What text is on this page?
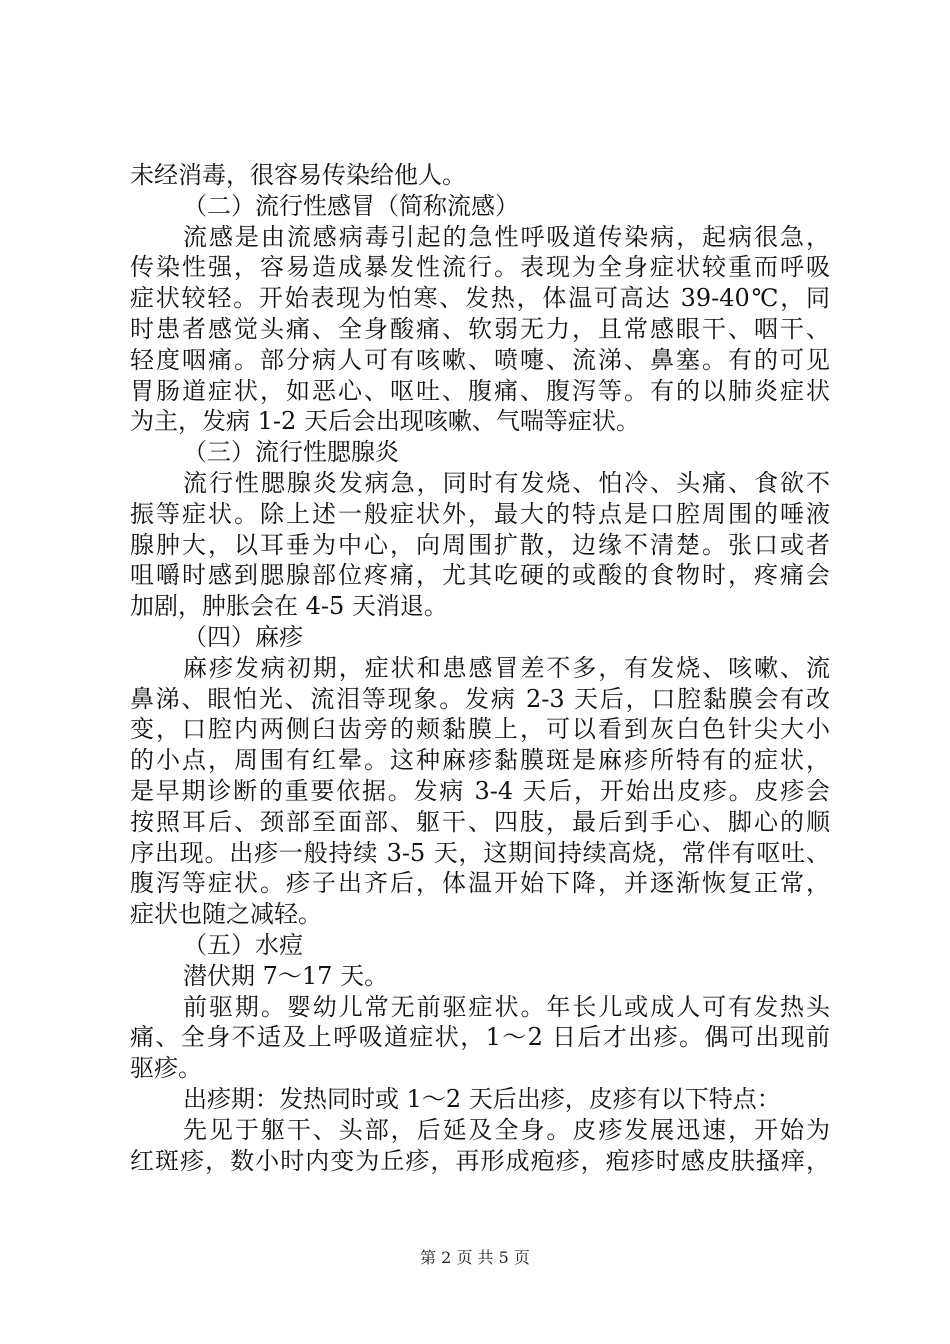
未经消毒，很容易传染给他人。
（二）流行性感冒（简称流感）
流感是由流感病毒引起的急性呼吸道传染病，起病很急，
传染性强，容易造成暴发性流行。表现为全身症状较重而呼吸
症状较轻。开始表现为怕寒、发热，体温可高达 39-40℃，同
时患者感觉头痛、全身酸痛、软弱无力，且常感眼干、咽干、
轻度咽痛。部分病人可有咳嗽、喷嚏、流涕、鼻塞。有的可见
胃肠道症状，如恶心、呕吐、腹痛、腹泻等。有的以肺炎症状
为主，发病 1-2 天后会出现咳嗽、气喘等症状。
（三）流行性腮腺炎
流行性腮腺炎发病急，同时有发烧、怕冷、头痛、食欲不
振等症状。除上述一般症状外，最大的特点是口腔周围的唾液
腺肿大，以耳垂为中心，向周围扩散，边缘不清楚。张口或者
咀嚼时感到腮腺部位疼痛，尤其吃硬的或酸的食物时，疼痛会
加剧，肿胀会在 4-5 天消退。
（四）麻疹
麻疹发病初期，症状和患感冒差不多，有发烧、咳嗽、流
鼻涕、眼怕光、流泪等现象。发病 2-3 天后，口腔黏膜会有改
变，口腔内两侧臼齿旁的颊黏膜上，可以看到灰白色针尖大小
的小点，周围有红晕。这种麻疹黏膜斑是麻疹所特有的症状，
是早期诊断的重要依据。发病 3-4 天后，开始出皮疹。皮疹会
按照耳后、颈部至面部、躯干、四肢，最后到手心、脚心的顺
序出现。出疹一般持续 3-5 天，这期间持续高烧，常伴有呕吐、
腹泻等症状。疹子出齐后，体温开始下降，并逐渐恢复正常，
症状也随之减轻。
（五）水痘
潜伏期 7～17 天。
前驱期。婴幼儿常无前驱症状。年长儿或成人可有发热头
痛、全身不适及上呼吸道症状，1～2 日后才出疹。偶可出现前
驱疹。
出疹期：发热同时或 1～2 天后出疹，皮疹有以下特点：
先见于躯干、头部，后延及全身。皮疹发展迅速，开始为
红斑疹，数小时内变为丘疹，再形成疱疹，疱疹时感皮肤搔痒，
第 2 页 共 5 页
